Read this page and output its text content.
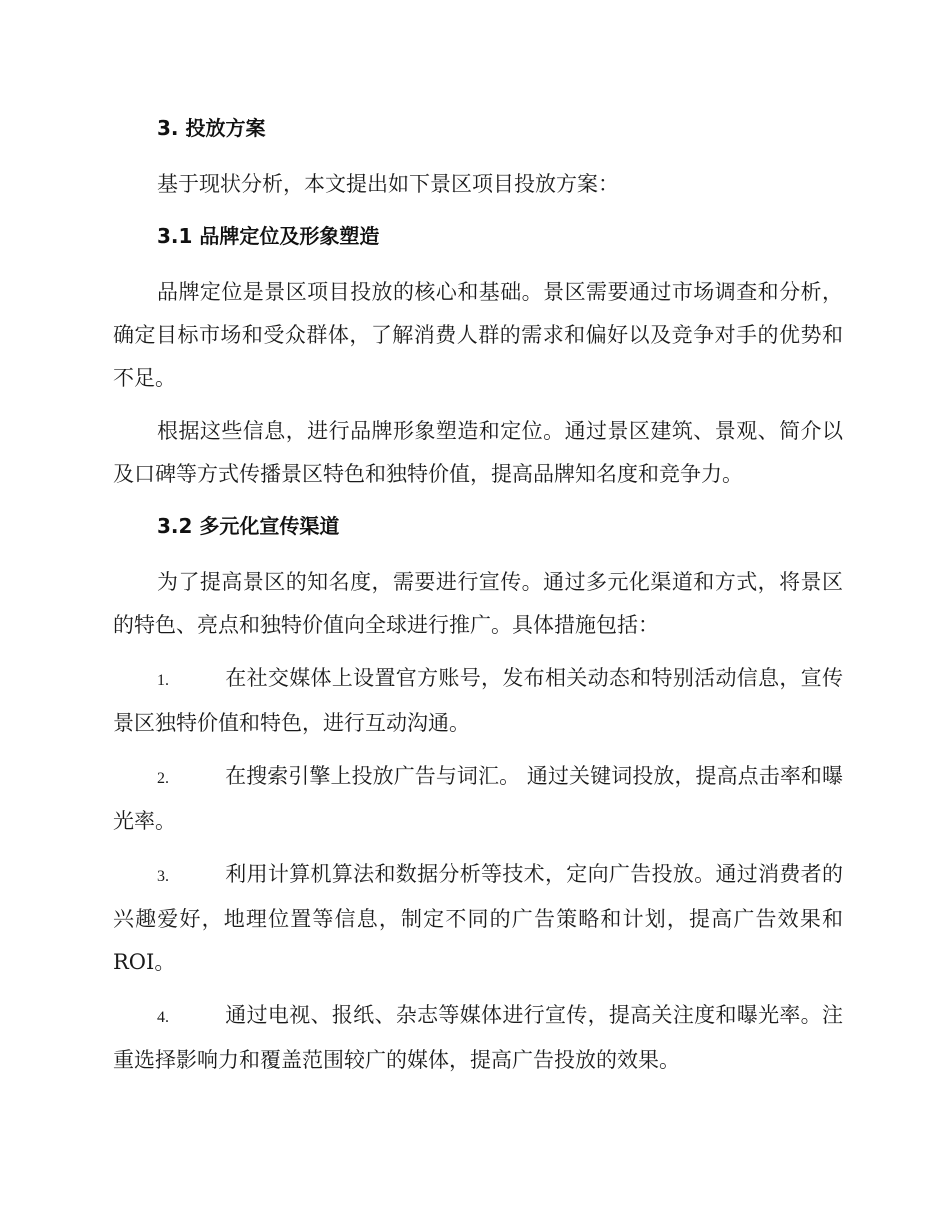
3. 投放方案

基于现状分析，本文提出如下景区项目投放方案：

3.1 品牌定位及形象塑造

品牌定位是景区项目投放的核心和基础。景区需要通过市场调查和分析，确定目标市场和受众群体，了解消费人群的需求和偏好以及竞争对手的优势和不足。

根据这些信息，进行品牌形象塑造和定位。通过景区建筑、景观、简介以及口碑等方式传播景区特色和独特价值，提高品牌知名度和竞争力。

3.2 多元化宣传渠道

为了提高景区的知名度，需要进行宣传。通过多元化渠道和方式，将景区的特色、亮点和独特价值向全球进行推广。具体措施包括：

1.	在社交媒体上设置官方账号，发布相关动态和特别活动信息，宣传景区独特价值和特色，进行互动沟通。

2.	在搜索引擎上投放广告与词汇。 通过关键词投放，提高点击率和曝光率。

3.	利用计算机算法和数据分析等技术，定向广告投放。通过消费者的兴趣爱好，地理位置等信息，制定不同的广告策略和计划，提高广告效果和ROI。

4.	通过电视、报纸、杂志等媒体进行宣传，提高关注度和曝光率。注重选择影响力和覆盖范围较广的媒体，提高广告投放的效果。
